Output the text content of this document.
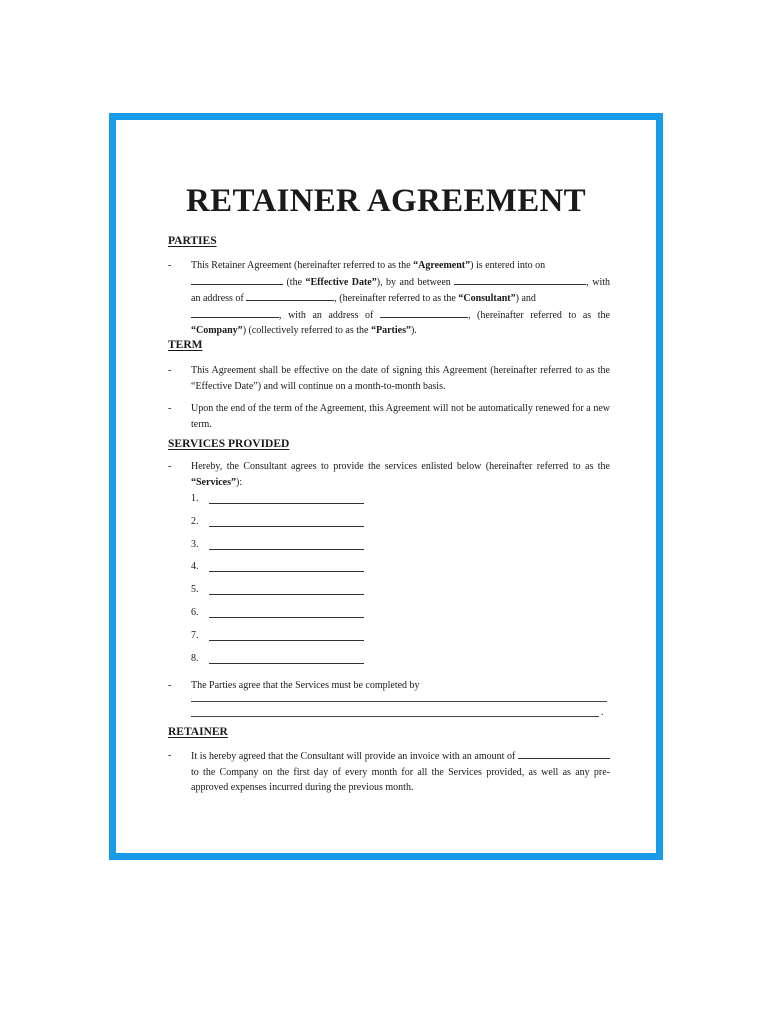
RETAINER AGREEMENT
PARTIES
- This Retainer Agreement (hereinafter referred to as the “Agreement”) is entered into on
(the “Effective Date”), by and between	, with an address of	, (hereinafter referred to as the “Consultant”) and
, with an address of	, (hereinafter referred to as the “Company”) (collectively referred to as the “Parties”).
TERM
- This Agreement shall be effective on the date of signing this Agreement (hereinafter referred to as the “Effective Date”) and will continue on a month-to-month basis.
- Upon the end of the term of the Agreement, this Agreement will not be automatically renewed for a new term.
SERVICES PROVIDED
- Hereby, the Consultant agrees to provide the services enlisted below (hereinafter referred to as the “Services”):
1.
2.
3.
4.
5.
6.
7.
8.
- The Parties agree that the Services must be completed by
.
RETAINER
- It is hereby agreed that the Consultant will provide an invoice with an amount of  to the Company on the first day of every month for all the Services provided, as well as any pre-approved expenses incurred during the previous month.
